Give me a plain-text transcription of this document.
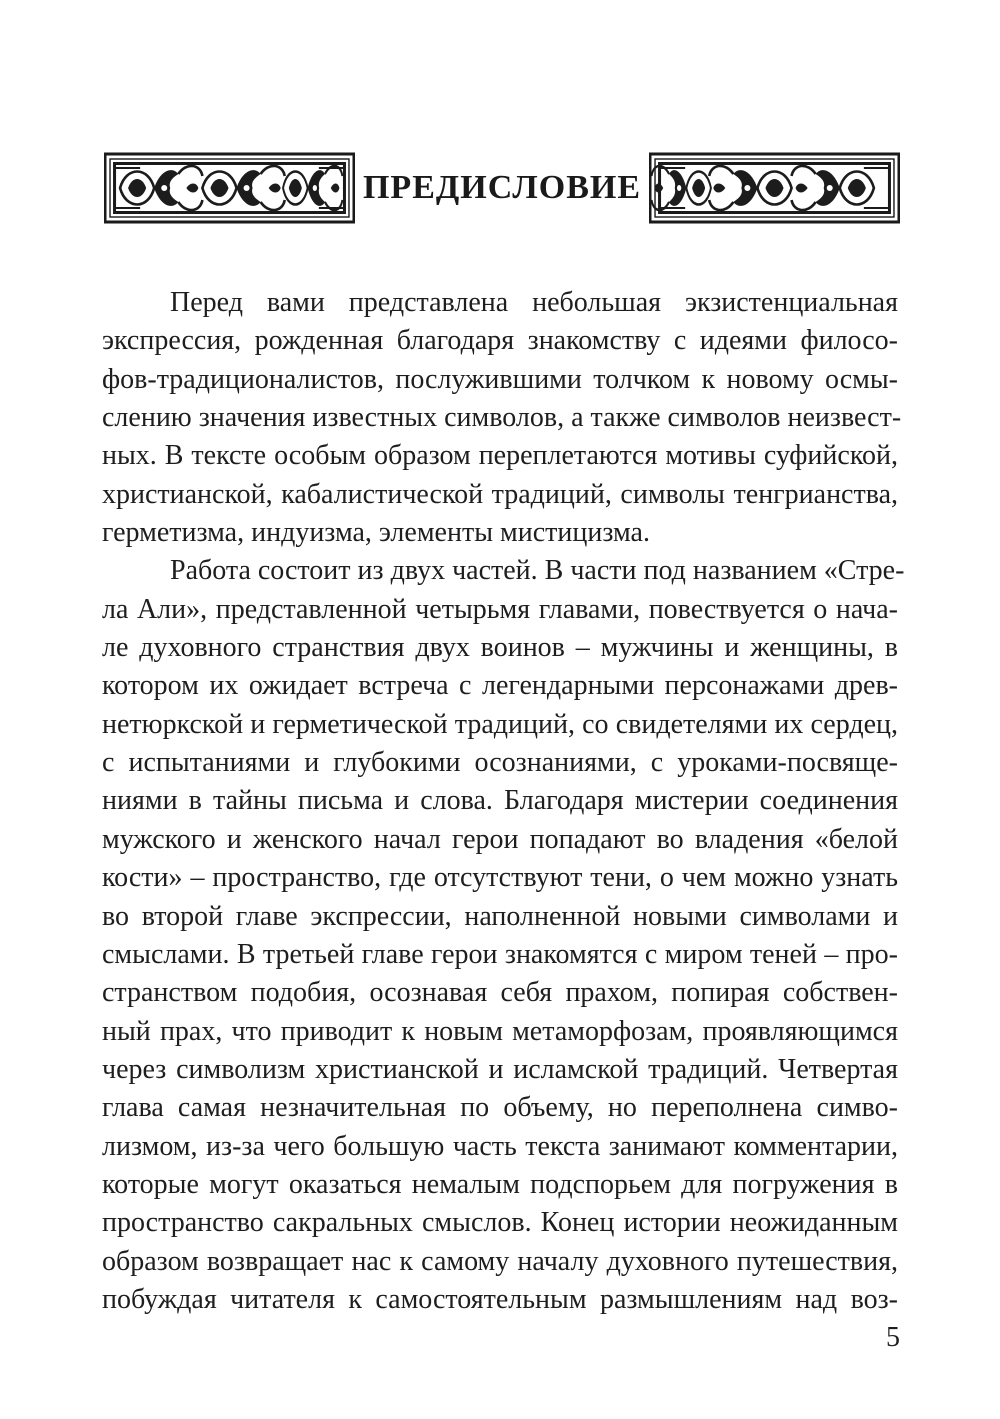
ПРЕДИСЛОВИЕ
Перед вами представлена небольшая экзистенциальная
экспрессия, рожденная благодаря знакомству с идеями филосо-
фов-традиционалистов, послужившими толчком к новому осмы-
слению значения известных символов, а также символов неизвест-
ных. В тексте особым образом переплетаются мотивы суфийской,
христианской, кабалистической традиций, символы тенгрианства,
герметизма, индуизма, элементы мистицизма.
Работа состоит из двух частей. В части под названием «Стре-
ла Али», представленной четырьмя главами, повествуется о нача-
ле духовного странствия двух воинов – мужчины и женщины, в
котором их ожидает встреча с легендарными персонажами древ-
нетюркской и герметической традиций, со свидетелями их сердец,
с испытаниями и глубокими осознаниями, с уроками-посвяще-
ниями в тайны письма и слова. Благодаря мистерии соединения
мужского и женского начал герои попадают во владения «белой
кости» – пространство, где отсутствуют тени, о чем можно узнать
во второй главе экспрессии, наполненной новыми символами и
смыслами. В третьей главе герои знакомятся с миром теней – про-
странством подобия, осознавая себя прахом, попирая собствен-
ный прах, что приводит к новым метаморфозам, проявляющимся
через символизм христианской и исламской традиций. Четвертая
глава самая незначительная по объему, но переполнена симво-
лизмом, из-за чего большую часть текста занимают комментарии,
которые могут оказаться немалым подспорьем для погружения в
пространство сакральных смыслов. Конец истории неожиданным
образом возвращает нас к самому началу духовного путешествия,
побуждая читателя к самостоятельным размышлениям над воз-
5
